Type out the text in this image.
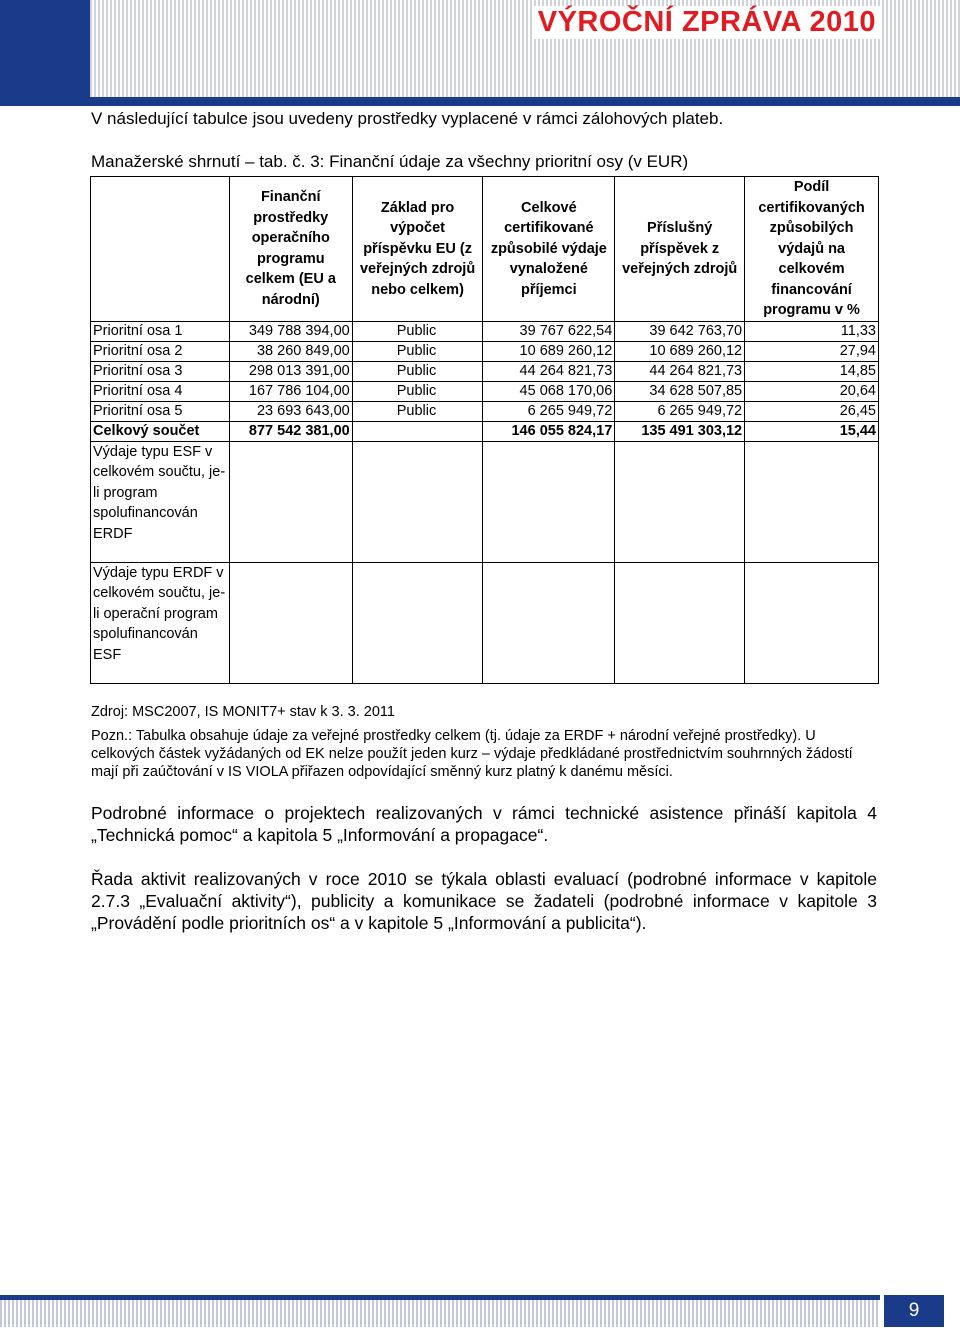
VÝROČNÍ ZPRÁVA 2010
V následující tabulce jsou uvedeny prostředky vyplacené v rámci zálohových plateb.
Manažerské shrnutí – tab. č. 3: Finanční údaje za všechny prioritní osy (v EUR)
	Finanční prostředky operačního programu celkem (EU a národní)	Základ pro výpočet příspěvku EU (z veřejných zdrojů nebo celkem)	Celkové certifikované způsobilé výdaje vynaložené příjemci	Příslušný příspěvek z veřejných zdrojů	Podíl certifikovaných způsobilých výdajů na celkovém financování programu v %
Prioritní osa 1	349 788 394,00	Public	39 767 622,54	39 642 763,70	11,33
Prioritní osa 2	38 260 849,00	Public	10 689 260,12	10 689 260,12	27,94
Prioritní osa 3	298 013 391,00	Public	44 264 821,73	44 264 821,73	14,85
Prioritní osa 4	167 786 104,00	Public	45 068 170,06	34 628 507,85	20,64
Prioritní osa 5	23 693 643,00	Public	6 265 949,72	6 265 949,72	26,45
Celkový součet	877 542 381,00		146 055 824,17	135 491 303,12	15,44
Výdaje typu ESF v celkovém součtu, je-li program spolufinancován ERDF					
Výdaje typu ERDF v celkovém součtu, je-li operační program spolufinancován ESF					
Zdroj: MSC2007, IS MONIT7+ stav k 3. 3. 2011
Pozn.: Tabulka obsahuje údaje za veřejné prostředky celkem (tj. údaje za ERDF + národní veřejné prostředky). U celkových částek vyžádaných od EK nelze použít jeden kurz – výdaje předkládané prostřednictvím souhrnných žádostí mají při zaúčtování v IS VIOLA přiřazen odpovídající směnný kurz platný k danému měsíci.
Podrobné informace o projektech realizovaných v rámci technické asistence přináší kapitola 4 „Technická pomoc“ a kapitola 5 „Informování a propagace“.
Řada aktivit realizovaných v roce 2010 se týkala oblasti evaluací (podrobné informace v kapitole 2.7.3 „Evaluační aktivity“), publicity a komunikace se žadateli (podrobné informace v kapitole 3 „Provádění podle prioritních os“ a v kapitole 5 „Informování a publicita“).
9
